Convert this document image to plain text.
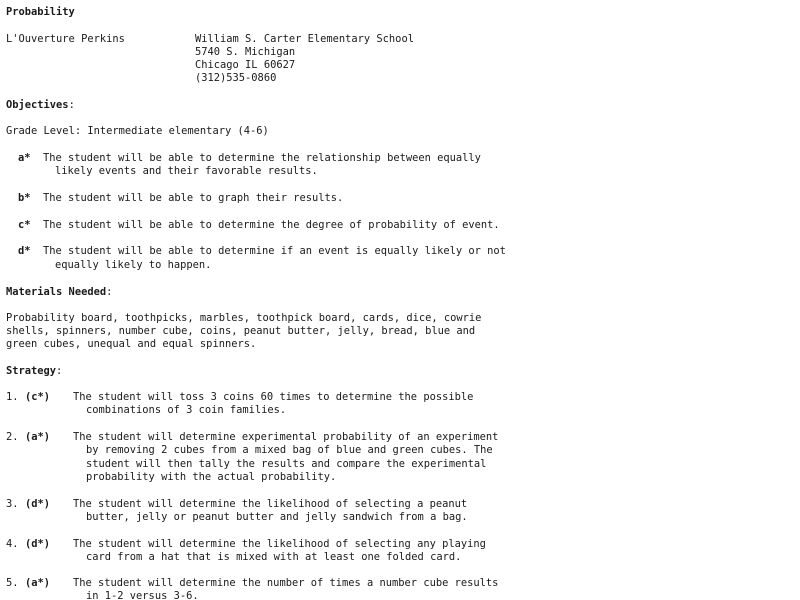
Probability
L'Ouverture Perkins	William S. Carter Elementary School
5740 S. Michigan
Chicago IL 60627
(312)535-0860
Objectives:
Grade Level: Intermediate elementary (4-6)
a* The student will be able to determine the relationship between equally
likely events and their favorable results.
b* The student will be able to graph their results.
c* The student will be able to determine the degree of probability of event.
d* The student will be able to determine if an event is equally likely or not
equally likely to happen.
Materials Needed:
Probability board, toothpicks, marbles, toothpick board, cards, dice, cowrie
shells, spinners, number cube, coins, peanut butter, jelly, bread, blue and
green cubes, unequal and equal spinners.
Strategy:
1. (c*) The student will toss 3 coins 60 times to determine the possible
combinations of 3 coin families.
2. (a*) The student will determine experimental probability of an experiment
by removing 2 cubes from a mixed bag of blue and green cubes. The
student will then tally the results and compare the experimental
probability with the actual probability.
3. (d*) The student will determine the likelihood of selecting a peanut
butter, jelly or peanut butter and jelly sandwich from a bag.
4. (d*) The student will determine the likelihood of selecting any playing
card from a hat that is mixed with at least one folded card.
5. (a*) The student will determine the number of times a number cube results
in 1-2 versus 3-6.
